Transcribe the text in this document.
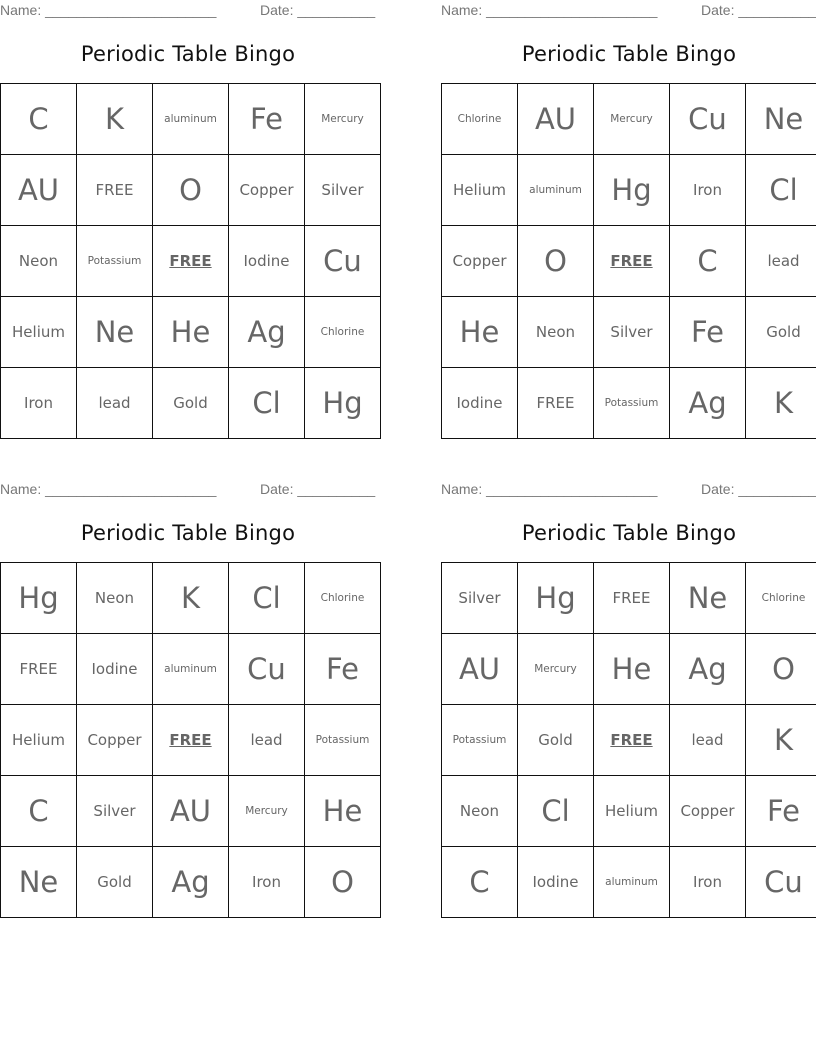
Name: ______________________	Date: __________
Periodic Table Bingo
C	K	aluminum	Fe	Mercury
AU	FREE	O	Copper	Silver
Neon	Potassium	FREE	Iodine	Cu
Helium	Ne	He	Ag	Chlorine
Iron	lead	Gold	Cl	Hg
Name: ______________________	Date: __________
Periodic Table Bingo
Chlorine	AU	Mercury	Cu	Ne
Helium	aluminum	Hg	Iron	Cl
Copper	O	FREE	C	lead
He	Neon	Silver	Fe	Gold
Iodine	FREE	Potassium	Ag	K
Name: ______________________	Date: __________
Periodic Table Bingo
Hg	Neon	K	Cl	Chlorine
FREE	Iodine	aluminum	Cu	Fe
Helium	Copper	FREE	lead	Potassium
C	Silver	AU	Mercury	He
Ne	Gold	Ag	Iron	O
Name: ______________________	Date: __________
Periodic Table Bingo
Silver	Hg	FREE	Ne	Chlorine
AU	Mercury	He	Ag	O
Potassium	Gold	FREE	lead	K
Neon	Cl	Helium	Copper	Fe
C	Iodine	aluminum	Iron	Cu
